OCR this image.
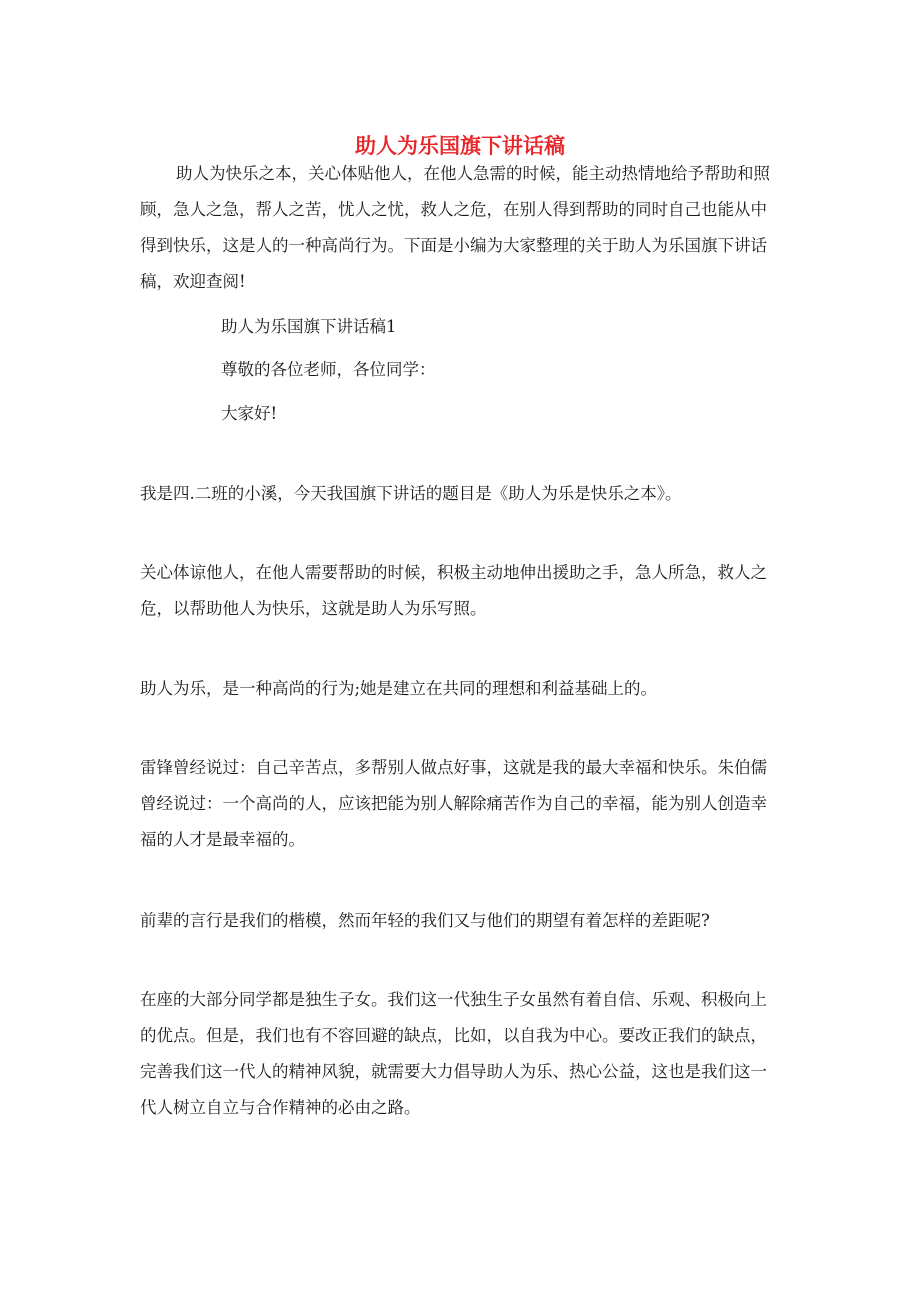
助人为乐国旗下讲话稿

助人为快乐之本，关心体贴他人，在他人急需的时候，能主动热情地给予帮助和照顾，急人之急，帮人之苦，忧人之忧，救人之危，在别人得到帮助的同时自己也能从中得到快乐，这是人的一种高尚行为。下面是小编为大家整理的关于助人为乐国旗下讲话稿，欢迎查阅!

助人为乐国旗下讲话稿1

尊敬的各位老师，各位同学：

大家好!

我是四.二班的小溪，今天我国旗下讲话的题目是《助人为乐是快乐之本》。

关心体谅他人，在他人需要帮助的时候，积极主动地伸出援助之手，急人所急，救人之危，以帮助他人为快乐，这就是助人为乐写照。

助人为乐，是一种高尚的行为;她是建立在共同的理想和利益基础上的。

雷锋曾经说过：自己辛苦点，多帮别人做点好事，这就是我的最大幸福和快乐。朱伯儒曾经说过：一个高尚的人，应该把能为别人解除痛苦作为自己的幸福，能为别人创造幸福的人才是最幸福的。

前辈的言行是我们的楷模，然而年轻的我们又与他们的期望有着怎样的差距呢?

在座的大部分同学都是独生子女。我们这一代独生子女虽然有着自信、乐观、积极向上的优点。但是，我们也有不容回避的缺点，比如，以自我为中心。要改正我们的缺点，完善我们这一代人的精神风貌，就需要大力倡导助人为乐、热心公益，这也是我们这一代人树立自立与合作精神的必由之路。
